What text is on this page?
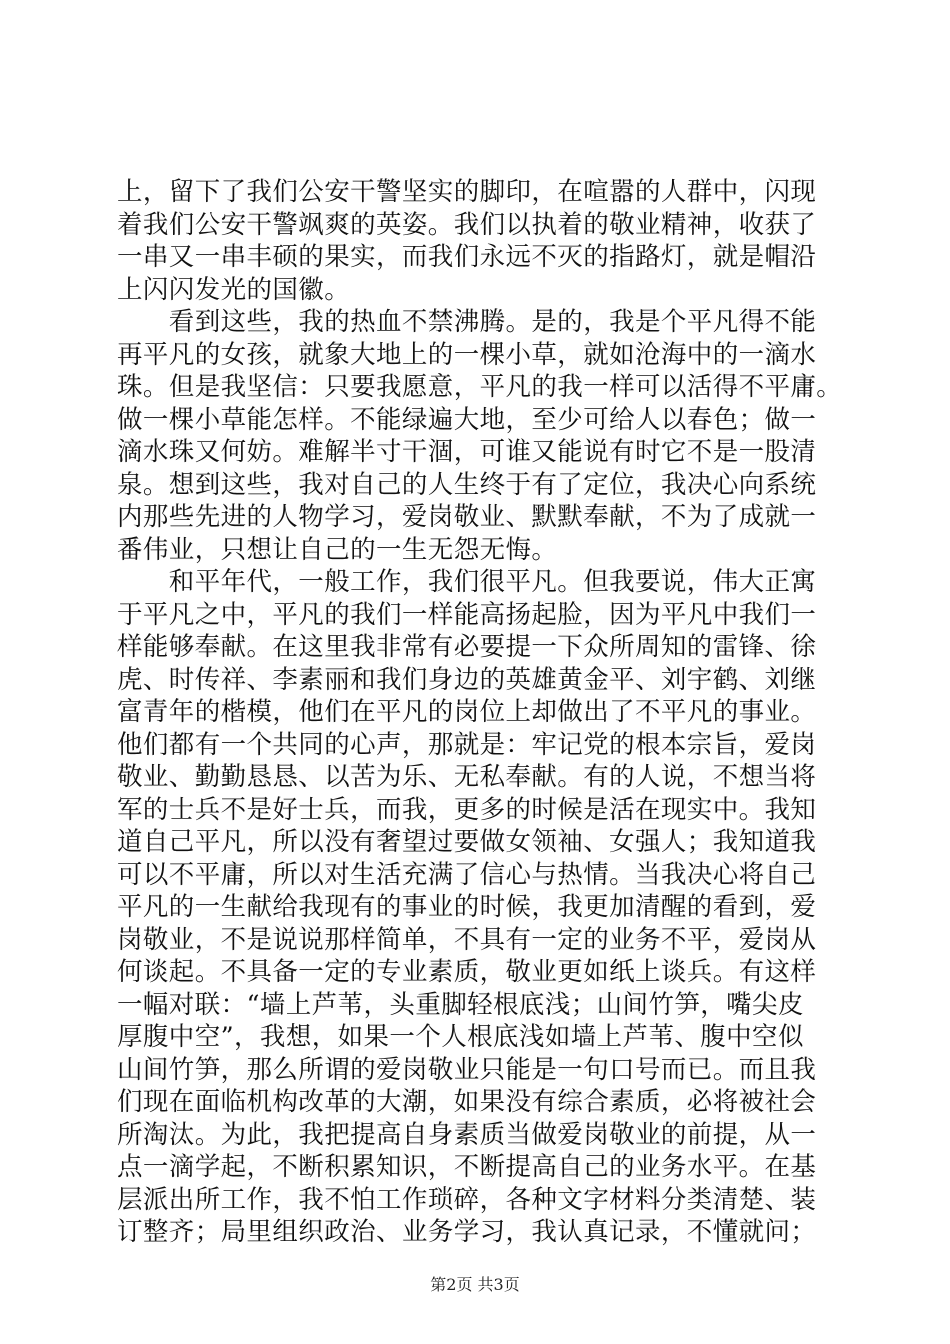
上，留下了我们公安干警坚实的脚印，在喧嚣的人群中，闪现
着我们公安干警飒爽的英姿。我们以执着的敬业精神，收获了
一串又一串丰硕的果实，而我们永远不灭的指路灯，就是帽沿
上闪闪发光的国徽。
　　看到这些，我的热血不禁沸腾。是的，我是个平凡得不能
再平凡的女孩，就象大地上的一棵小草，就如沧海中的一滴水
珠。但是我坚信：只要我愿意，平凡的我一样可以活得不平庸。
做一棵小草能怎样。不能绿遍大地，至少可给人以春色；做一
滴水珠又何妨。难解半寸干涸，可谁又能说有时它不是一股清
泉。想到这些，我对自己的人生终于有了定位，我决心向系统
内那些先进的人物学习，爱岗敬业、默默奉献，不为了成就一
番伟业，只想让自己的一生无怨无悔。
　　和平年代，一般工作，我们很平凡。但我要说，伟大正寓
于平凡之中，平凡的我们一样能高扬起脸，因为平凡中我们一
样能够奉献。在这里我非常有必要提一下众所周知的雷锋、徐
虎、时传祥、李素丽和我们身边的英雄黄金平、刘宇鹤、刘继
富青年的楷模，他们在平凡的岗位上却做出了不平凡的事业。
他们都有一个共同的心声，那就是：牢记党的根本宗旨，爱岗
敬业、勤勤恳恳、以苦为乐、无私奉献。有的人说，不想当将
军的士兵不是好士兵，而我，更多的时候是活在现实中。我知
道自己平凡，所以没有奢望过要做女领袖、女强人；我知道我
可以不平庸，所以对生活充满了信心与热情。当我决心将自己
平凡的一生献给我现有的事业的时候，我更加清醒的看到，爱
岗敬业，不是说说那样简单，不具有一定的业务不平，爱岗从
何谈起。不具备一定的专业素质，敬业更如纸上谈兵。有这样
一幅对联：“墙上芦苇，头重脚轻根底浅；山间竹笋，嘴尖皮
厚腹中空”，我想，如果一个人根底浅如墙上芦苇、腹中空似
山间竹笋，那么所谓的爱岗敬业只能是一句口号而已。而且我
们现在面临机构改革的大潮，如果没有综合素质，必将被社会
所淘汰。为此，我把提高自身素质当做爱岗敬业的前提，从一
点一滴学起，不断积累知识，不断提高自己的业务水平。在基
层派出所工作，我不怕工作琐碎，各种文字材料分类清楚、装
订整齐；局里组织政治、业务学习，我认真记录，不懂就问；
第2页 共3页
